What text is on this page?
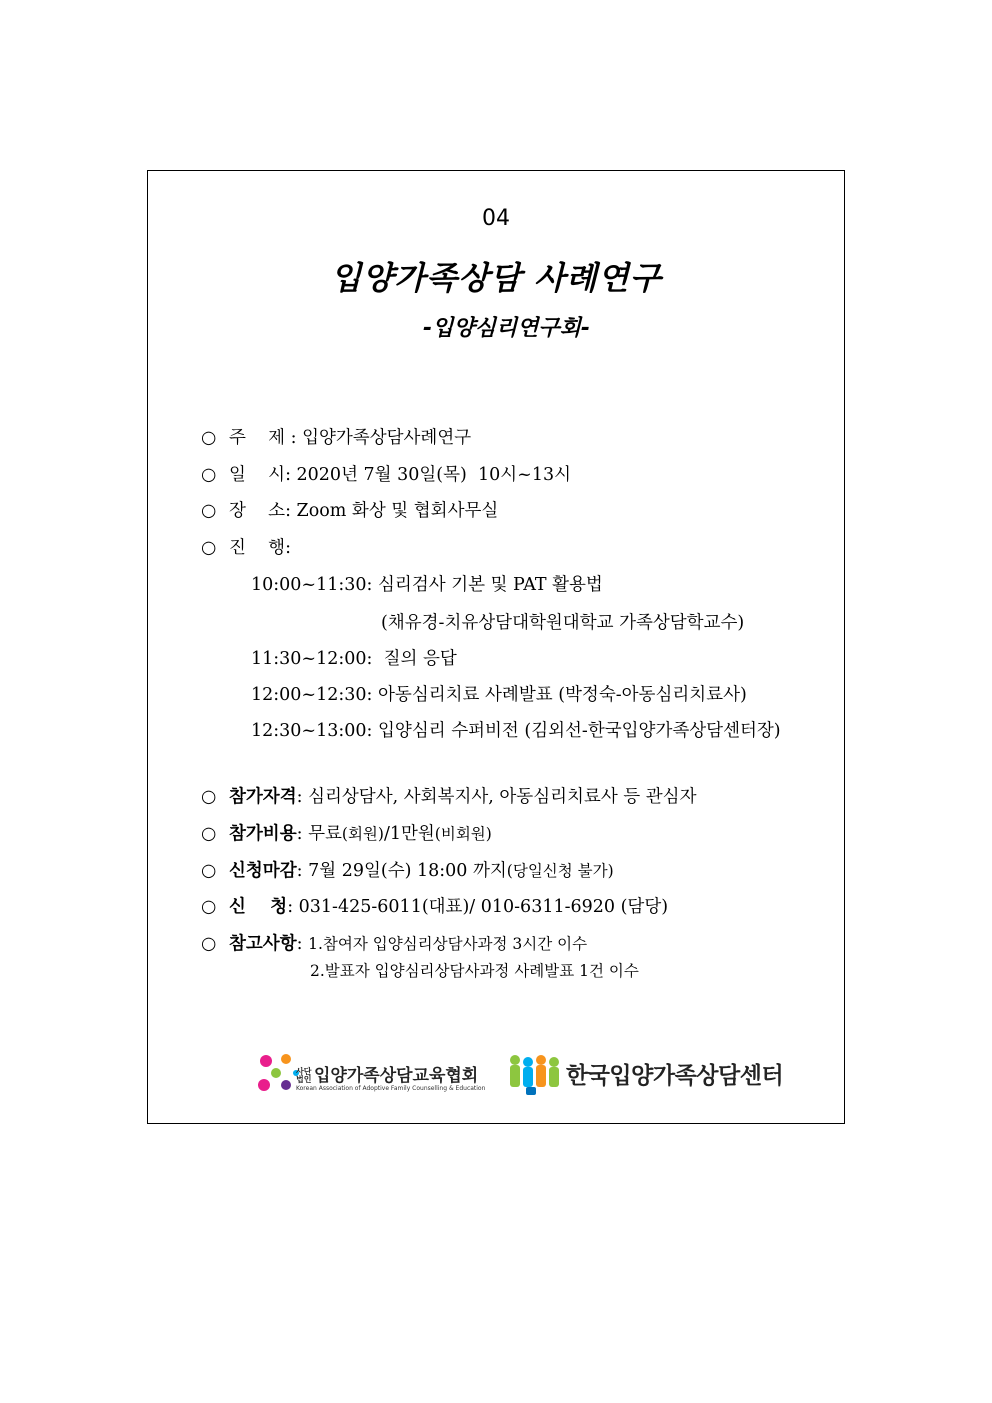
04
입양가족상담 사례연구
-입양심리연구회-
○ 주    제 : 입양가족상담사례연구
○ 일    시: 2020년 7월 30일(목)  10시~13시
○ 장    소: Zoom 화상 및 협회사무실
○ 진    행:
10:00~11:30: 심리검사 기본 및 PAT 활용법
(채유경-치유상담대학원대학교 가족상담학교수)
11:30~12:00:  질의 응답
12:00~12:30: 아동심리치료 사례발표 (박정숙-아동심리치료사)
12:30~13:00: 입양심리 수퍼비전 (김외선-한국입양가족상담센터장)
○ 참가자격: 심리상담사, 사회복지사, 아동심리치료사 등 관심자
○ 참가비용: 무료(회원)/1만원(비회원)
○ 신청마감: 7월 29일(수) 18:00 까지(당일신청 불가)
○ 신    청: 031-425-6011(대표)/ 010-6311-6920 (담당)
○ 참고사항: 1.참여자 입양심리상담사과정 3시간 이수
2.발표자 입양심리상담사과정 사례발표 1건 이수
사단법인 입양가족상담교육협회
Korean Association of Adoptive Family Counselling & Education	한국입양가족상담센터
